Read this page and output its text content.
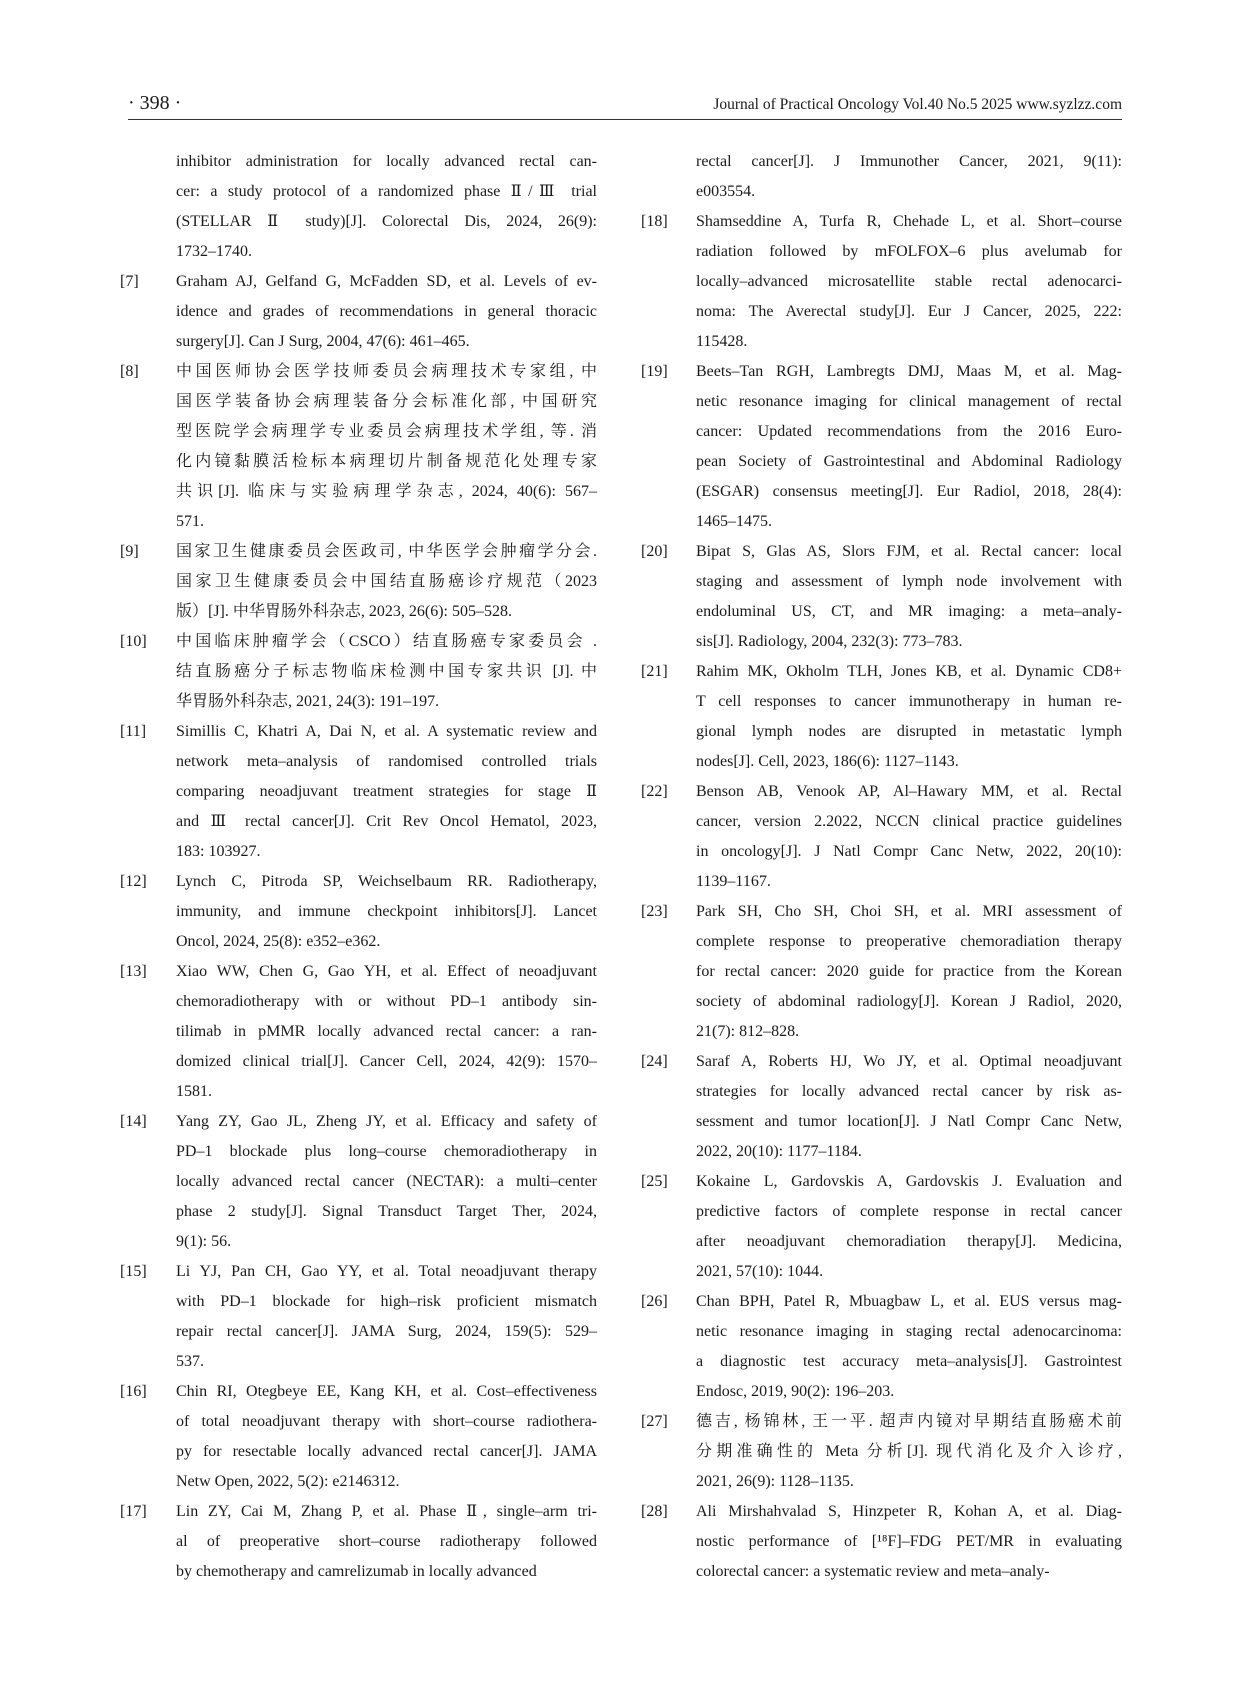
· 398 ·	Journal of Practical Oncology Vol.40 No.5 2025 www.syzlzz.com
inhibitor administration for locally advanced rectal can-
cer: a study protocol of a randomized phase Ⅱ/Ⅲ trial
(STELLAR Ⅱ study)[J]. Colorectal Dis, 2024, 26(9):
1732–1740.
[7]	Graham AJ, Gelfand G, McFadden SD, et al. Levels of ev-
idence and grades of recommendations in general thoracic
surgery[J]. Can J Surg, 2004, 47(6): 461–465.
[8]	中国医师协会医学技师委员会病理技术专家组, 中
国医学装备协会病理装备分会标准化部, 中国研究
型医院学会病理学专业委员会病理技术学组, 等. 消
化内镜黏膜活检标本病理切片制备规范化处理专家
共识[J]. 临床与实验病理学杂志, 2024, 40(6): 567–
571.
[9]	国家卫生健康委员会医政司, 中华医学会肿瘤学分会.
国家卫生健康委员会中国结直肠癌诊疗规范（2023
版）[J]. 中华胃肠外科杂志, 2023, 26(6): 505–528.
[10]	中国临床肿瘤学会（CSCO）结直肠癌专家委员会 .
结直肠癌分子标志物临床检测中国专家共识 [J]. 中
华胃肠外科杂志, 2021, 24(3): 191–197.
[11]	Simillis C, Khatri A, Dai N, et al. A systematic review and
network meta–analysis of randomised controlled trials
comparing neoadjuvant treatment strategies for stage Ⅱ
and Ⅲ rectal cancer[J]. Crit Rev Oncol Hematol, 2023,
183: 103927.
[12]	Lynch C, Pitroda SP, Weichselbaum RR. Radiotherapy,
immunity, and immune checkpoint inhibitors[J]. Lancet
Oncol, 2024, 25(8): e352–e362.
[13]	Xiao WW, Chen G, Gao YH, et al. Effect of neoadjuvant
chemoradiotherapy with or without PD–1 antibody sin-
tilimab in pMMR locally advanced rectal cancer: a ran-
domized clinical trial[J]. Cancer Cell, 2024, 42(9): 1570–
1581.
[14]	Yang ZY, Gao JL, Zheng JY, et al. Efficacy and safety of
PD–1 blockade plus long–course chemoradiotherapy in
locally advanced rectal cancer (NECTAR): a multi–center
phase 2 study[J]. Signal Transduct Target Ther, 2024,
9(1): 56.
[15]	Li YJ, Pan CH, Gao YY, et al. Total neoadjuvant therapy
with PD–1 blockade for high–risk proficient mismatch
repair rectal cancer[J]. JAMA Surg, 2024, 159(5): 529–
537.
[16]	Chin RI, Otegbeye EE, Kang KH, et al. Cost–effectiveness
of total neoadjuvant therapy with short–course radiothera-
py for resectable locally advanced rectal cancer[J]. JAMA
Netw Open, 2022, 5(2): e2146312.
[17]	Lin ZY, Cai M, Zhang P, et al. Phase Ⅱ, single–arm tri-
al of preoperative short–course radiotherapy followed
by chemotherapy and camrelizumab in locally advanced
rectal cancer[J]. J Immunother Cancer, 2021, 9(11):
e003554.
[18]	Shamseddine A, Turfa R, Chehade L, et al. Short–course
radiation followed by mFOLFOX–6 plus avelumab for
locally–advanced microsatellite stable rectal adenocarci-
noma: The Averectal study[J]. Eur J Cancer, 2025, 222:
115428.
[19]	Beets–Tan RGH, Lambregts DMJ, Maas M, et al. Mag-
netic resonance imaging for clinical management of rectal
cancer: Updated recommendations from the 2016 Euro-
pean Society of Gastrointestinal and Abdominal Radiology
(ESGAR) consensus meeting[J]. Eur Radiol, 2018, 28(4):
1465–1475.
[20]	Bipat S, Glas AS, Slors FJM, et al. Rectal cancer: local
staging and assessment of lymph node involvement with
endoluminal US, CT, and MR imaging: a meta–analy-
sis[J]. Radiology, 2004, 232(3): 773–783.
[21]	Rahim MK, Okholm TLH, Jones KB, et al. Dynamic CD8+
T cell responses to cancer immunotherapy in human re-
gional lymph nodes are disrupted in metastatic lymph
nodes[J]. Cell, 2023, 186(6): 1127–1143.
[22]	Benson AB, Venook AP, Al–Hawary MM, et al. Rectal
cancer, version 2.2022, NCCN clinical practice guidelines
in oncology[J]. J Natl Compr Canc Netw, 2022, 20(10):
1139–1167.
[23]	Park SH, Cho SH, Choi SH, et al. MRI assessment of
complete response to preoperative chemoradiation therapy
for rectal cancer: 2020 guide for practice from the Korean
society of abdominal radiology[J]. Korean J Radiol, 2020,
21(7): 812–828.
[24]	Saraf A, Roberts HJ, Wo JY, et al. Optimal neoadjuvant
strategies for locally advanced rectal cancer by risk as-
sessment and tumor location[J]. J Natl Compr Canc Netw,
2022, 20(10): 1177–1184.
[25]	Kokaine L, Gardovskis A, Gardovskis J. Evaluation and
predictive factors of complete response in rectal cancer
after neoadjuvant chemoradiation therapy[J]. Medicina,
2021, 57(10): 1044.
[26]	Chan BPH, Patel R, Mbuagbaw L, et al. EUS versus mag-
netic resonance imaging in staging rectal adenocarcinoma:
a diagnostic test accuracy meta–analysis[J]. Gastrointest
Endosc, 2019, 90(2): 196–203.
[27]	德吉, 杨锦林, 王一平. 超声内镜对早期结直肠癌术前
分期准确性的 Meta 分析[J]. 现代消化及介入诊疗,
2021, 26(9): 1128–1135.
[28]	Ali Mirshahvalad S, Hinzpeter R, Kohan A, et al. Diag-
nostic performance of [¹⁸F]–FDG PET/MR in evaluating
colorectal cancer: a systematic review and meta–analy-
